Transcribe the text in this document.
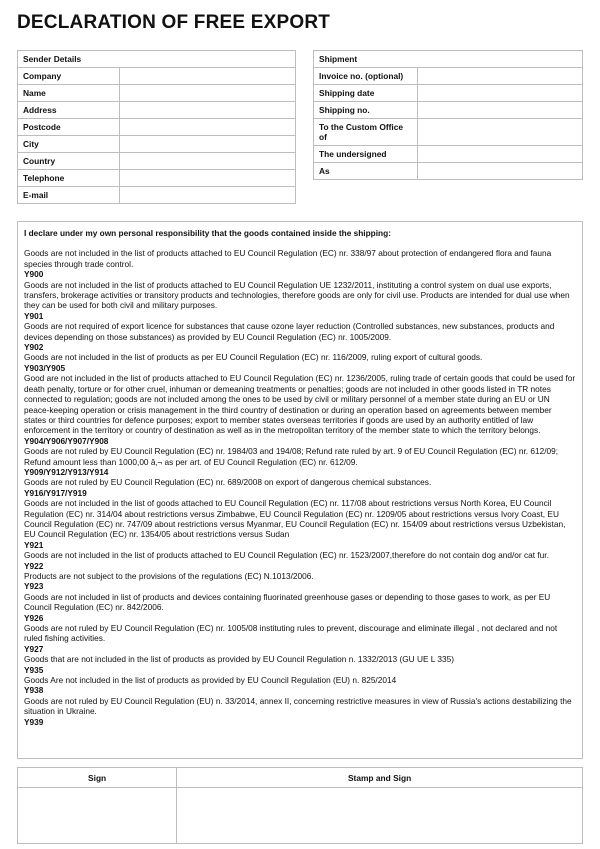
DECLARATION OF FREE EXPORT
Sender Details	
Company	
Name	
Address	
Postcode	
City	
Country	
Telephone	
E-mail	
Shipment	
Invoice no. (optional)	
Shipping date	
Shipping no.	
To the Custom Office of	
The undersigned	
As	
I declare under my own personal responsibility that the goods contained inside the shipping:
Goods are not included in the list of products attached to EU Council Regulation (EC) nr. 338/97 about protection of endangered flora and fauna species through trade control.
Y900
Goods are not included in the list of products attached to EU Council Regulation UE 1232/2011, instituting a control system on dual use exports, transfers, brokerage activities or transitory products and technologies, therefore goods are only for civil use. Products are intended for dual use when they can be used for both civil and military purposes.
Y901
Goods are not required of export licence for substances that cause ozone layer reduction (Controlled substances, new substances, products and devices depending on those substances) as provided by EU Council Regulation (EC) nr. 1005/2009.
Y902
Goods are not included in the list of products as per EU Council Regulation (EC) nr. 116/2009, ruling export of cultural goods.
Y903/Y905
Good are not included in the list of products attached to EU Council Regulation (EC) nr. 1236/2005, ruling trade of certain goods that could be used for death penalty, torture or for other cruel, inhuman or demeaning treatments or penalties; goods are not included in other goods listed in TR notes connected to regulation; goods are not included among the ones to be used by civil or military personnel of a member state during an EU or UN peace-keeping operation or crisis management in the third country of destination or during an operation based on agreements between member states or third countries for defence purposes; export to member states overseas territories if goods are used by an authority entitled of law enforcement in the territory or country of destination as well as in the metropolitan territory of the member state to which the territory belongs.
Y904/Y906/Y907/Y908
Goods are not ruled by EU Council Regulation (EC) nr. 1984/03 and 194/08; Refund rate ruled by art. 9 of EU Council Regulation (EC) nr. 612/09; Refund amount less than 1000,00 â‚¬ as per art. of EU Council Regulation (EC) nr. 612/09.
Y909/Y912/Y913/Y914
Goods are not ruled by EU Council Regulation (EC) nr. 689/2008 on export of dangerous chemical substances.
Y916/Y917/Y919
Goods are not included in the list of goods attached to EU Council Regulation (EC) nr. 117/08 about restrictions versus North Korea, EU Council Regulation (EC) nr. 314/04 about restrictions versus Zimbabwe, EU Council Regulation (EC) nr. 1209/05 about restrictions versus Ivory Coast, EU Council Regulation (EC) nr. 747/09 about restrictions versus Myanmar, EU Council Regulation (EC) nr. 154/09 about restrictions versus Uzbekistan, EU Council Regulation (EC) nr. 1354/05 about restrictions versus Sudan
Y921
Goods are not included in the list of products attached to EU Council Regulation (EC) nr. 1523/2007,therefore do not contain dog and/or cat fur.
Y922
Products are not subject to the provisions of the regulations (EC) N.1013/2006.
Y923
Goods are not included in list of products and devices containing fluorinated greenhouse gases or depending to those gases to work, as per EU Council Regulation (EC) nr. 842/2006.
Y926
Goods are not ruled by EU Council Regulation (EC) nr. 1005/08 instituting rules to prevent, discourage and eliminate illegal , not declared and not ruled fishing activities.
Y927
Goods that are not included in the list of products as provided by EU Council Regulation n. 1332/2013 (GU UE L 335)
Y935
Goods Are not included in the list of products as provided by EU Council Regulation (EU) n. 825/2014
Y938
Goods are not ruled by EU Council Regulation (EU) n. 33/2014, annex II, concerning restrictive measures in view of Russia's actions destabilizing the situation in Ukraine.
Y939
Sign	Stamp and Sign
